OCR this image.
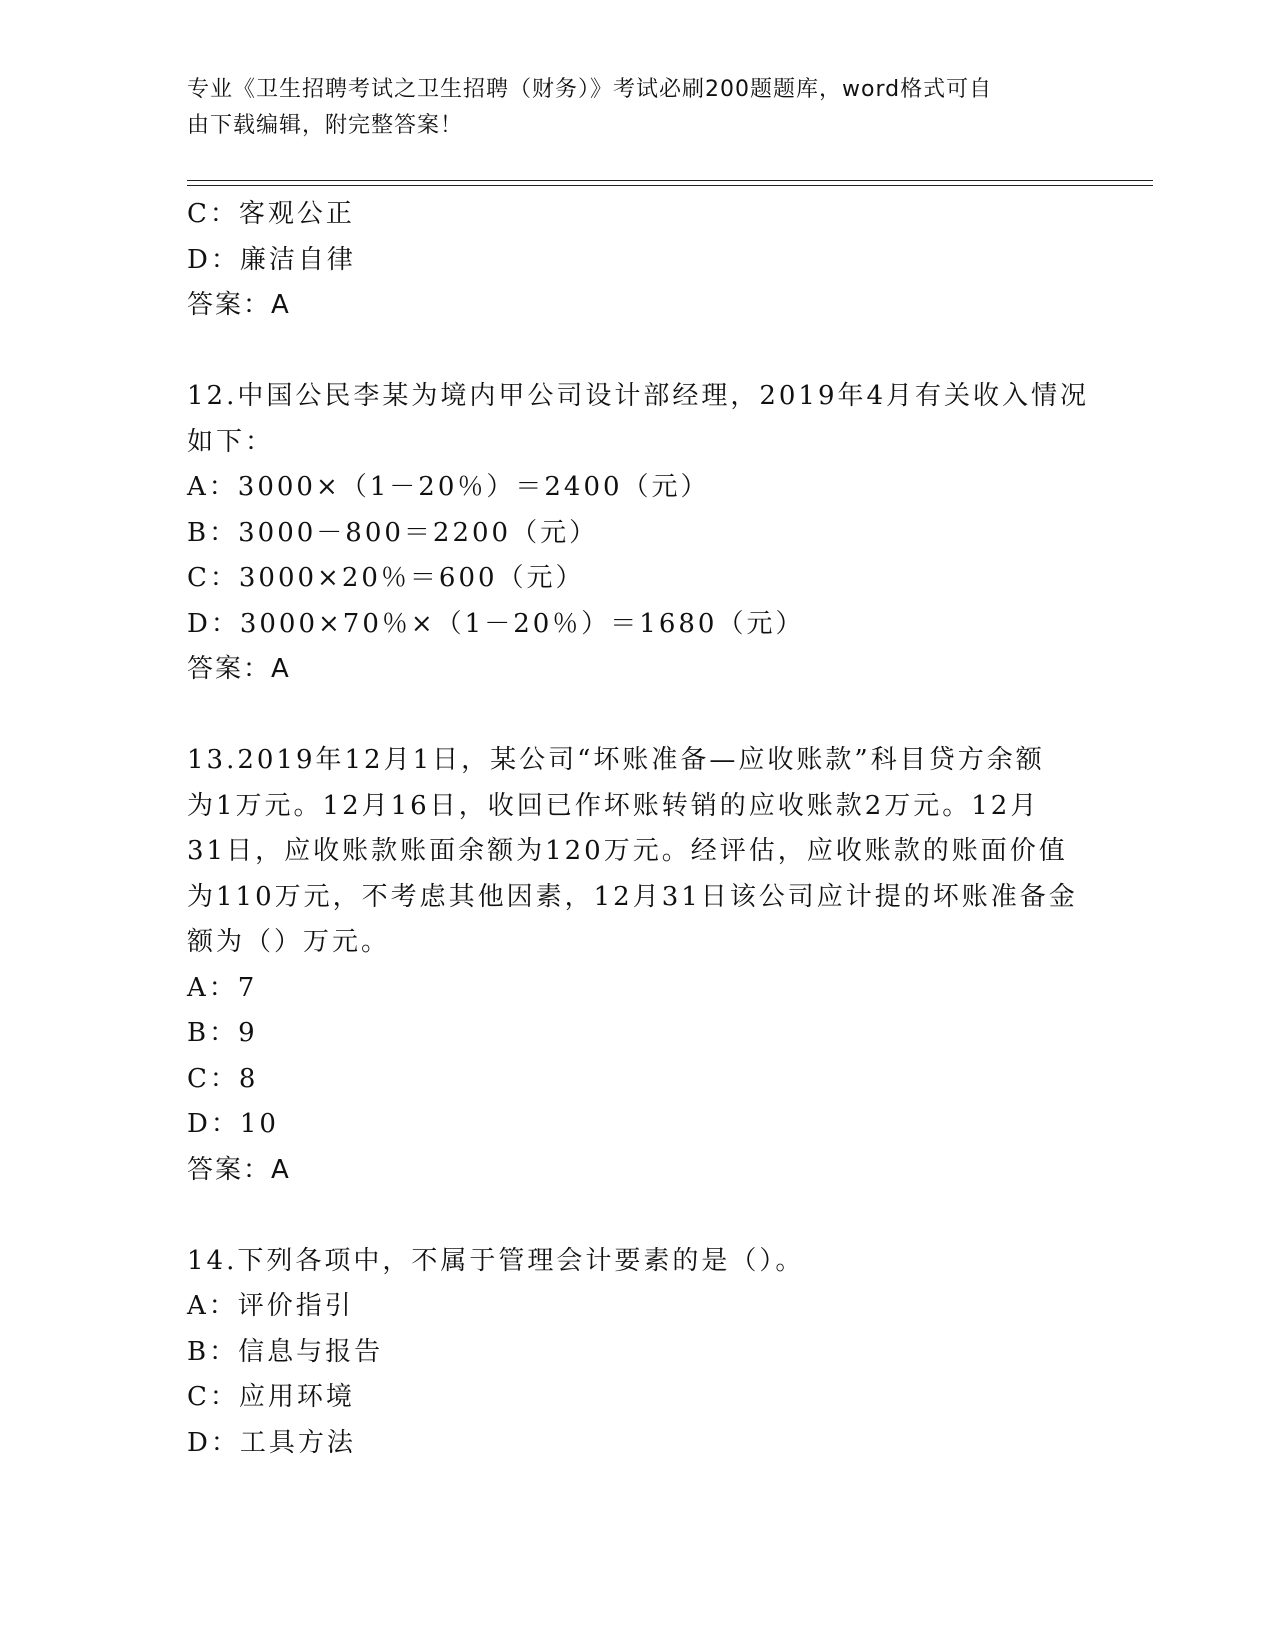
专业《卫生招聘考试之卫生招聘（财务）》考试必刷200题题库，word格式可自
由下载编辑，附完整答案！
C：客观公正
D：廉洁自律
答案：A
12.中国公民李某为境内甲公司设计部经理，2019年4月有关收入情况
如下：
A：3000×（1－20％）＝2400（元）
B：3000－800＝2200（元）
C：3000×20％＝600（元）
D：3000×70％×（1－20％）＝1680（元）
答案：A
13.2019年12月1日，某公司“坏账准备—应收账款”科目贷方余额
为1万元。12月16日，收回已作坏账转销的应收账款2万元。12月
31日，应收账款账面余额为120万元。经评估，应收账款的账面价值
为110万元，不考虑其他因素，12月31日该公司应计提的坏账准备金
额为（）万元。
A：7
B：9
C：8
D：10
答案：A
14.下列各项中，不属于管理会计要素的是（）。
A：评价指引
B：信息与报告
C：应用环境
D：工具方法
